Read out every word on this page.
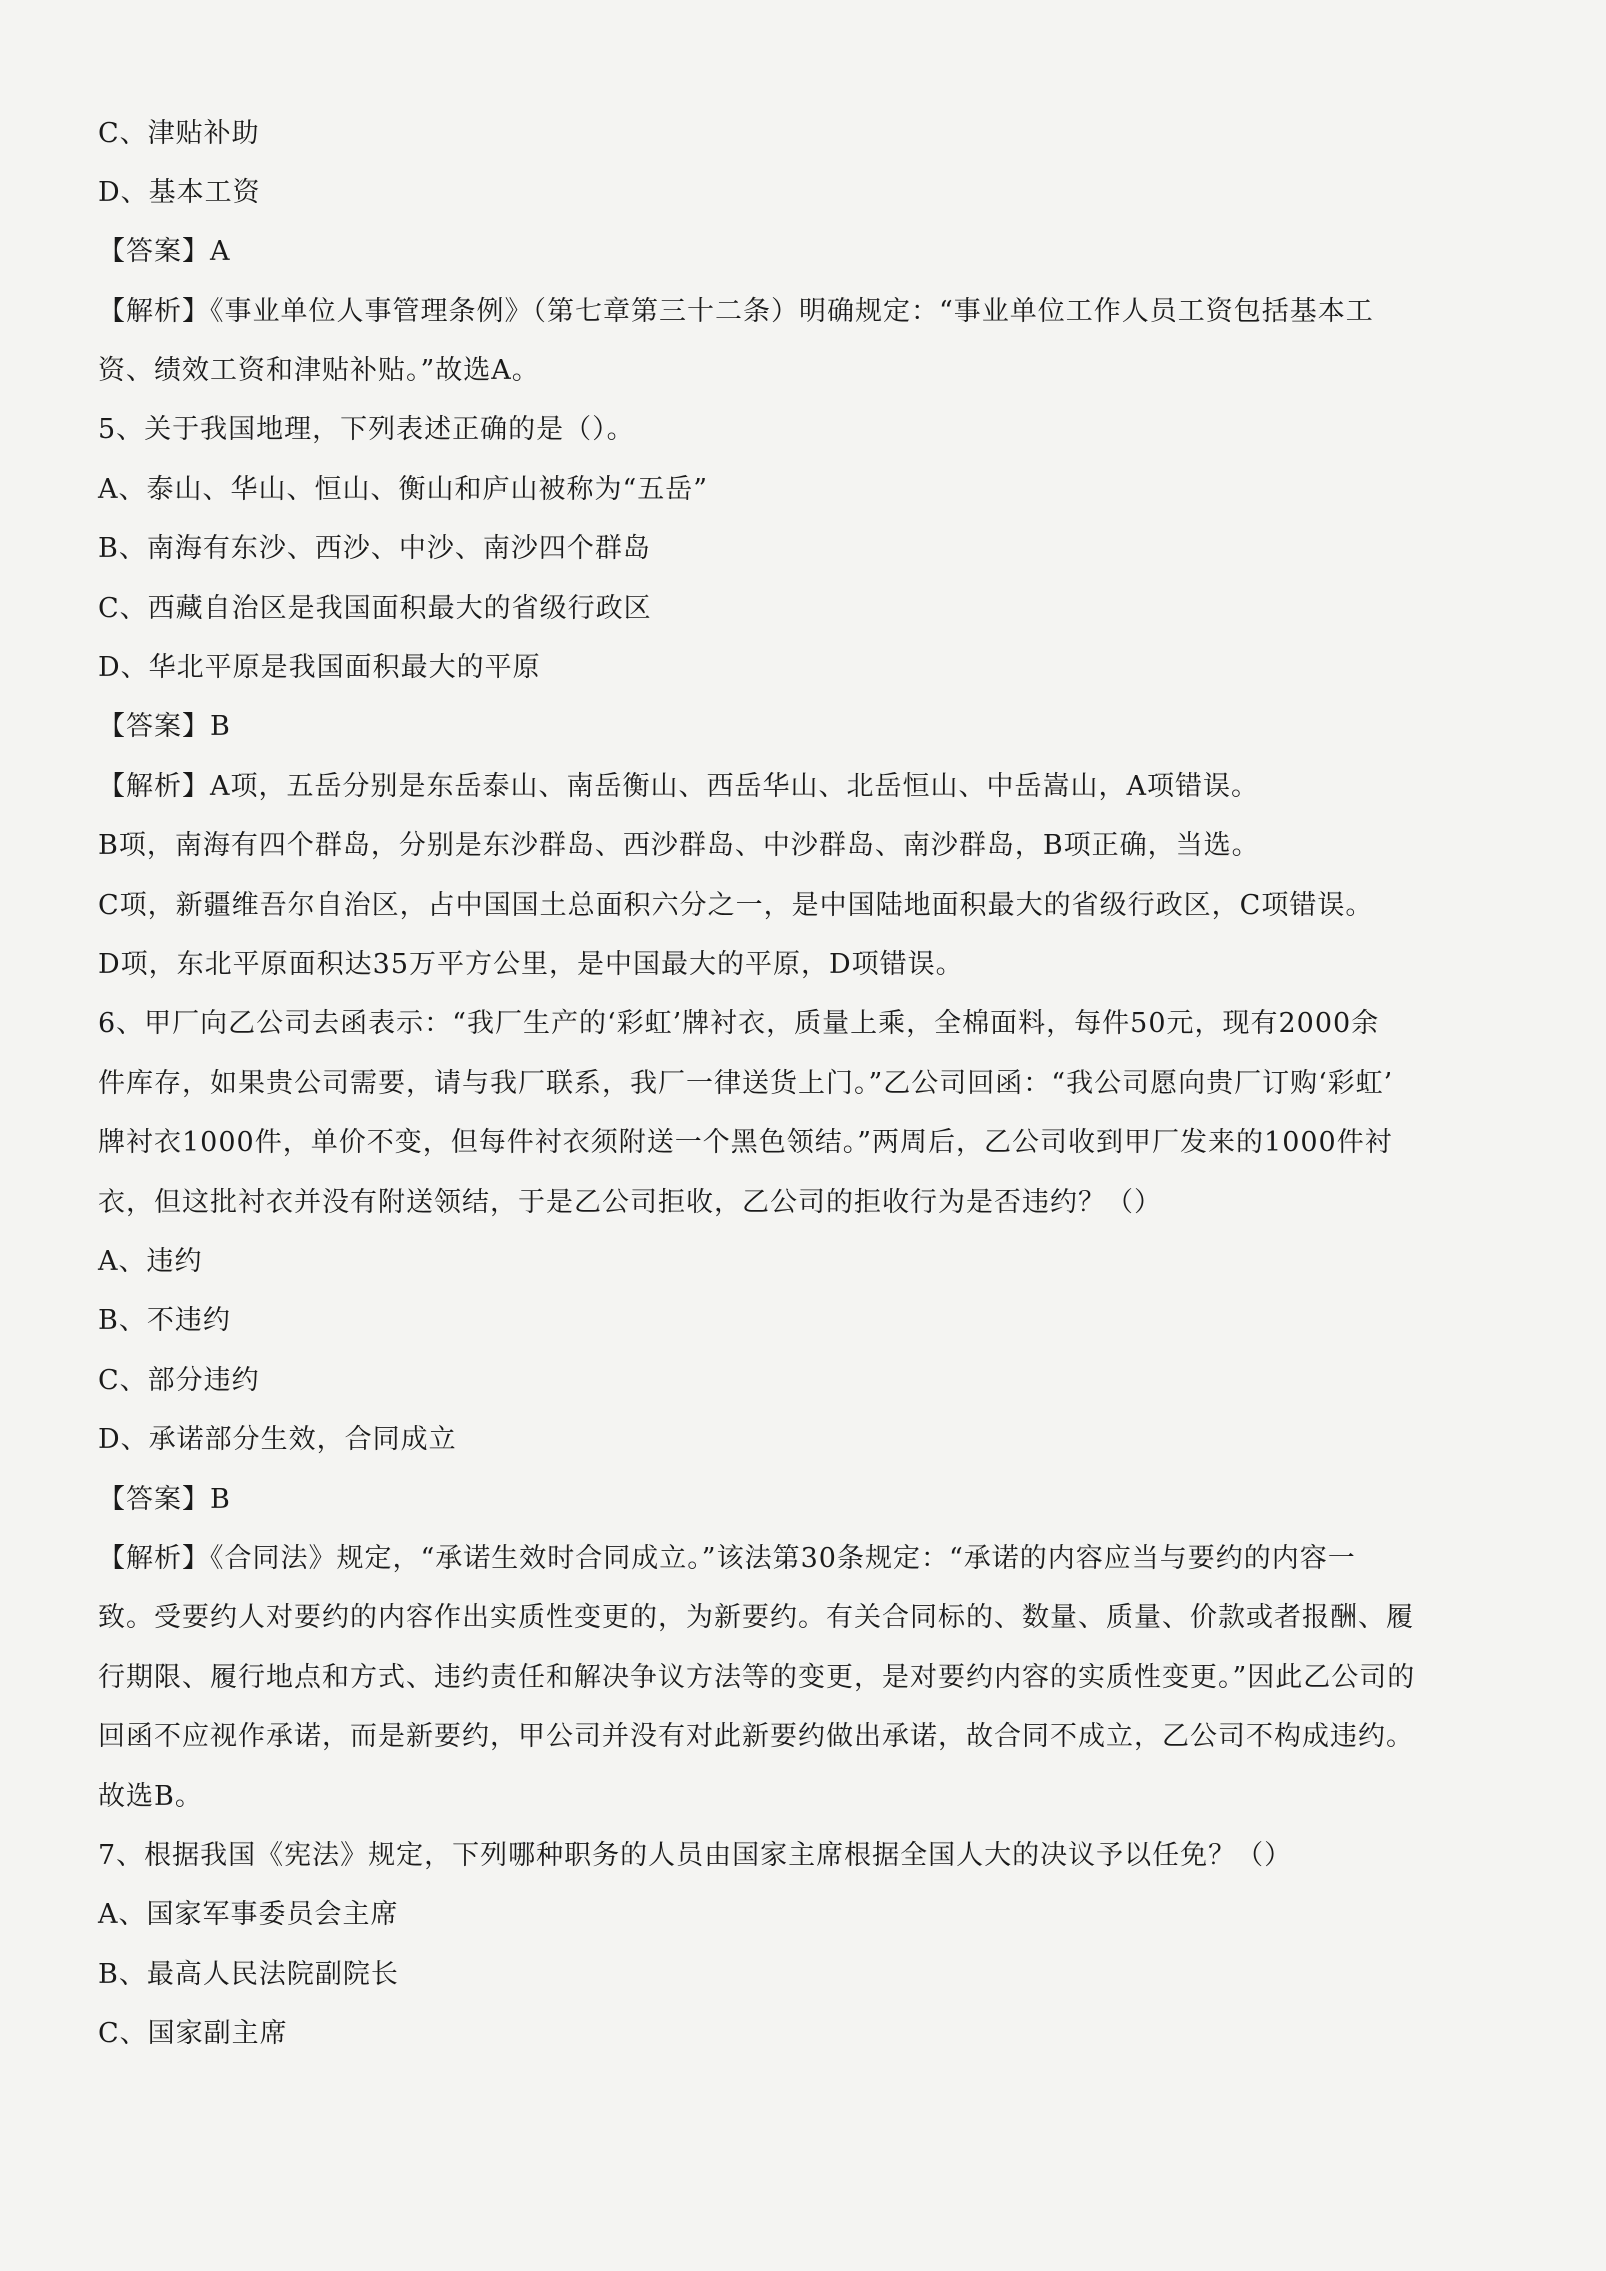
C、津贴补助
D、基本工资
【答案】A
【解析】《事业单位人事管理条例》（第七章第三十二条）明确规定：“事业单位工作人员工资包括基本工
资、绩效工资和津贴补贴。”故选A。
5、关于我国地理，下列表述正确的是（）。
A、泰山、华山、恒山、衡山和庐山被称为“五岳”
B、南海有东沙、西沙、中沙、南沙四个群岛
C、西藏自治区是我国面积最大的省级行政区
D、华北平原是我国面积最大的平原
【答案】B
【解析】A项，五岳分别是东岳泰山、南岳衡山、西岳华山、北岳恒山、中岳嵩山，A项错误。
B项，南海有四个群岛，分别是东沙群岛、西沙群岛、中沙群岛、南沙群岛，B项正确，当选。
C项，新疆维吾尔自治区，占中国国土总面积六分之一，是中国陆地面积最大的省级行政区，C项错误。
D项，东北平原面积达35万平方公里，是中国最大的平原，D项错误。
6、甲厂向乙公司去函表示：“我厂生产的‘彩虹’牌衬衣，质量上乘，全棉面料，每件50元，现有2000余
件库存，如果贵公司需要，请与我厂联系，我厂一律送货上门。”乙公司回函：“我公司愿向贵厂订购‘彩虹’
牌衬衣1000件，单价不变，但每件衬衣须附送一个黑色领结。”两周后，乙公司收到甲厂发来的1000件衬
衣，但这批衬衣并没有附送领结，于是乙公司拒收，乙公司的拒收行为是否违约？（）
A、违约
B、不违约
C、部分违约
D、承诺部分生效，合同成立
【答案】B
【解析】《合同法》规定，“承诺生效时合同成立。”该法第30条规定：“承诺的内容应当与要约的内容一
致。受要约人对要约的内容作出实质性变更的，为新要约。有关合同标的、数量、质量、价款或者报酬、履
行期限、履行地点和方式、违约责任和解决争议方法等的变更，是对要约内容的实质性变更。”因此乙公司的
回函不应视作承诺，而是新要约，甲公司并没有对此新要约做出承诺，故合同不成立，乙公司不构成违约。
故选B。
7、根据我国《宪法》规定，下列哪种职务的人员由国家主席根据全国人大的决议予以任免？（）
A、国家军事委员会主席
B、最高人民法院副院长
C、国家副主席
